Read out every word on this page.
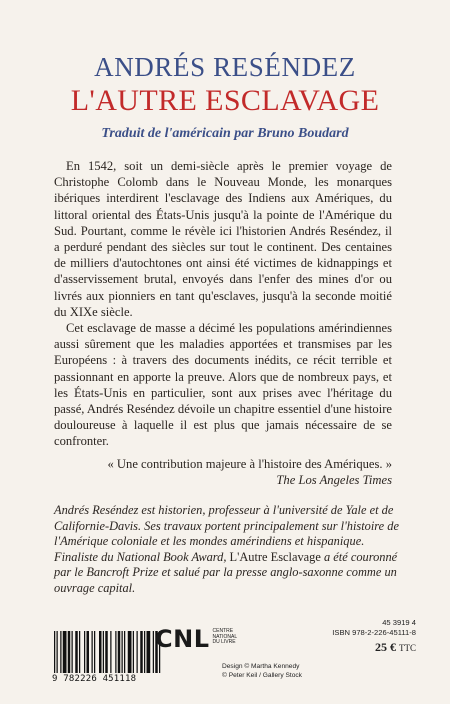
ANDRÉS RESÉNDEZ
L'AUTRE ESCLAVAGE
Traduit de l'américain par Bruno Boudard
En 1542, soit un demi-siècle après le premier voyage de Christophe Colomb dans le Nouveau Monde, les monarques ibériques interdirent l'esclavage des Indiens aux Amériques, du littoral oriental des États-Unis jusqu'à la pointe de l'Amérique du Sud. Pourtant, comme le révèle ici l'historien Andrés Reséndez, il a perduré pendant des siècles sur tout le continent. Des centaines de milliers d'autochtones ont ainsi été victimes de kidnappings et d'asservissement brutal, envoyés dans l'enfer des mines d'or ou livrés aux pionniers en tant qu'esclaves, jusqu'à la seconde moitié du XIXe siècle.
Cet esclavage de masse a décimé les populations amérindiennes aussi sûrement que les maladies apportées et transmises par les Européens : à travers des documents inédits, ce récit terrible et passionnant en apporte la preuve. Alors que de nombreux pays, et les États-Unis en particulier, sont aux prises avec l'héritage du passé, Andrés Reséndez dévoile un chapitre essentiel d'une histoire douloureuse à laquelle il est plus que jamais nécessaire de se confronter.
« Une contribution majeure à l'histoire des Amériques. »
The Los Angeles Times
Andrés Reséndez est historien, professeur à l'université de Yale et de Californie-Davis. Ses travaux portent principalement sur l'histoire de l'Amérique coloniale et les mondes amérindiens et hispanique. Finaliste du National Book Award, L'Autre Esclavage a été couronné par le Bancroft Prize et salué par la presse anglo-saxonne comme un ouvrage capital.
9 782226 451118
CNL CENTRE
NATIONAL
DU LIVRE
Design © Martha Kennedy
© Peter Keil / Gallery Stock
45 3919 4
ISBN 978-2-226-45111-8
25 € TTC
